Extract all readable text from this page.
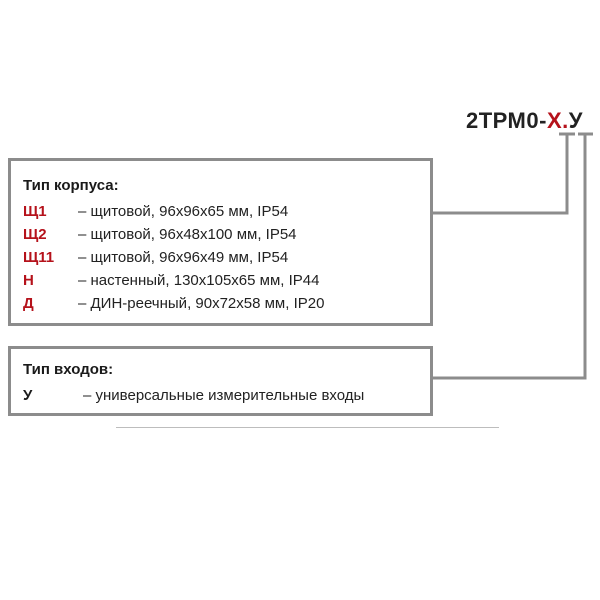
2ТРМ0-X.У
Тип корпуса:
Щ1	– щитовой, 96x96x65 мм, IP54
Щ2	– щитовой, 96x48x100 мм, IP54
Щ11	– щитовой, 96x96x49 мм, IP54
Н	– настенный, 130x105x65 мм, IP44
Д	– ДИН-реечный, 90x72x58 мм, IP20
Тип входов:
У	– универсальные измерительные входы
